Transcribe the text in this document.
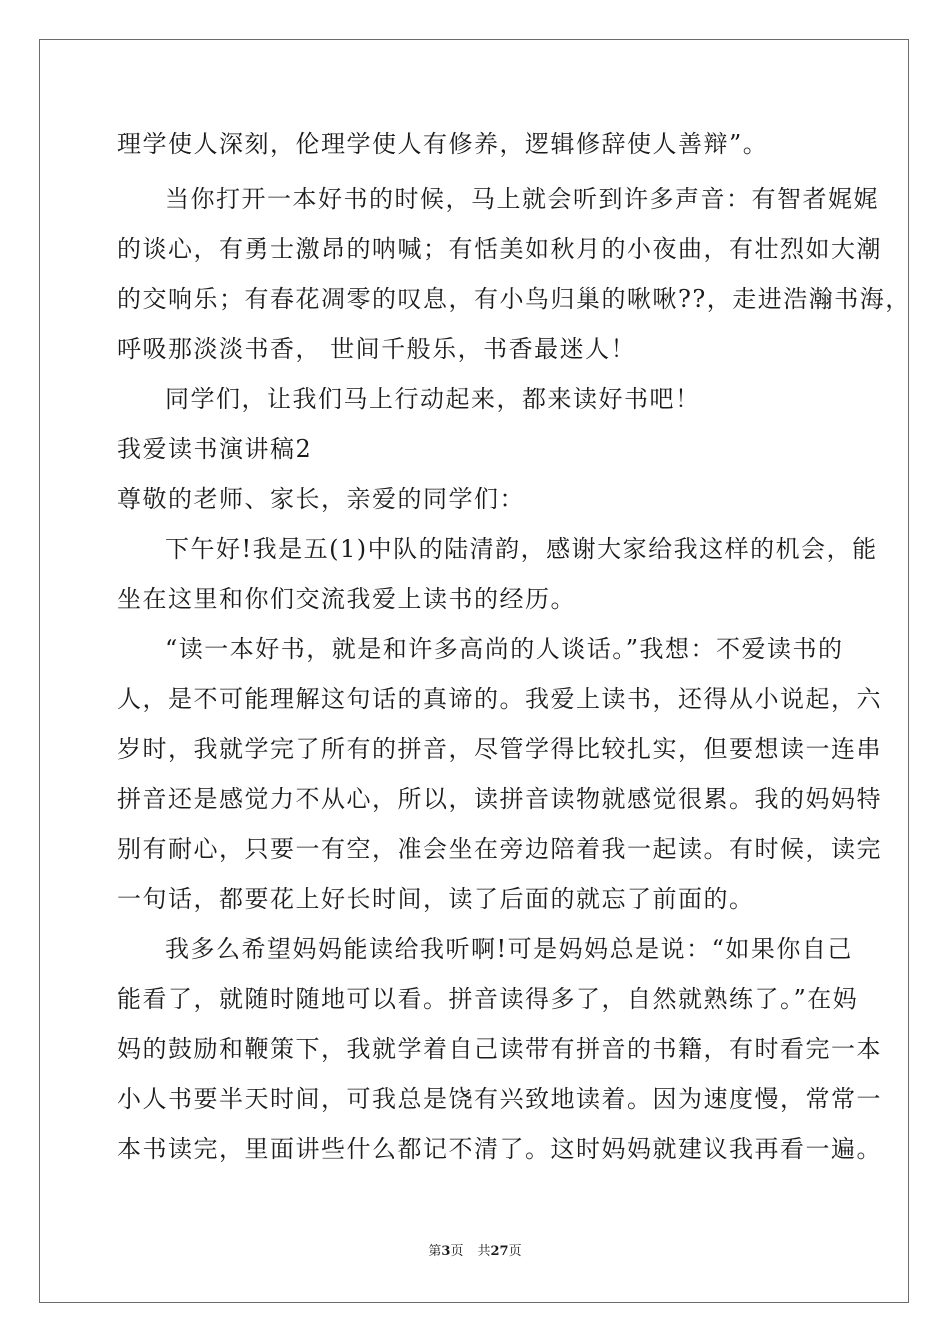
理学使人深刻，伦理学使人有修养，逻辑修辞使人善辩”。
当你打开一本好书的时候，马上就会听到许多声音：有智者娓娓
的谈心，有勇士激昂的呐喊；有恬美如秋月的小夜曲，有壮烈如大潮
的交响乐；有春花凋零的叹息，有小鸟归巢的啾啾??，走进浩瀚书海，
呼吸那淡淡书香， 世间千般乐，书香最迷人！
同学们，让我们马上行动起来，都来读好书吧！
我爱读书演讲稿2
尊敬的老师、家长，亲爱的同学们：
下午好!我是五(1)中队的陆清韵，感谢大家给我这样的机会，能
坐在这里和你们交流我爱上读书的经历。
“读一本好书，就是和许多高尚的人谈话。”我想：不爱读书的
人，是不可能理解这句话的真谛的。我爱上读书，还得从小说起，六
岁时，我就学完了所有的拼音，尽管学得比较扎实，但要想读一连串
拼音还是感觉力不从心，所以，读拼音读物就感觉很累。我的妈妈特
别有耐心，只要一有空，准会坐在旁边陪着我一起读。有时候，读完
一句话，都要花上好长时间，读了后面的就忘了前面的。
我多么希望妈妈能读给我听啊!可是妈妈总是说：“如果你自己
能看了，就随时随地可以看。拼音读得多了，自然就熟练了。”在妈
妈的鼓励和鞭策下，我就学着自己读带有拼音的书籍，有时看完一本
小人书要半天时间，可我总是饶有兴致地读着。因为速度慢，常常一
本书读完，里面讲些什么都记不清了。这时妈妈就建议我再看一遍。
第3页 共27页
